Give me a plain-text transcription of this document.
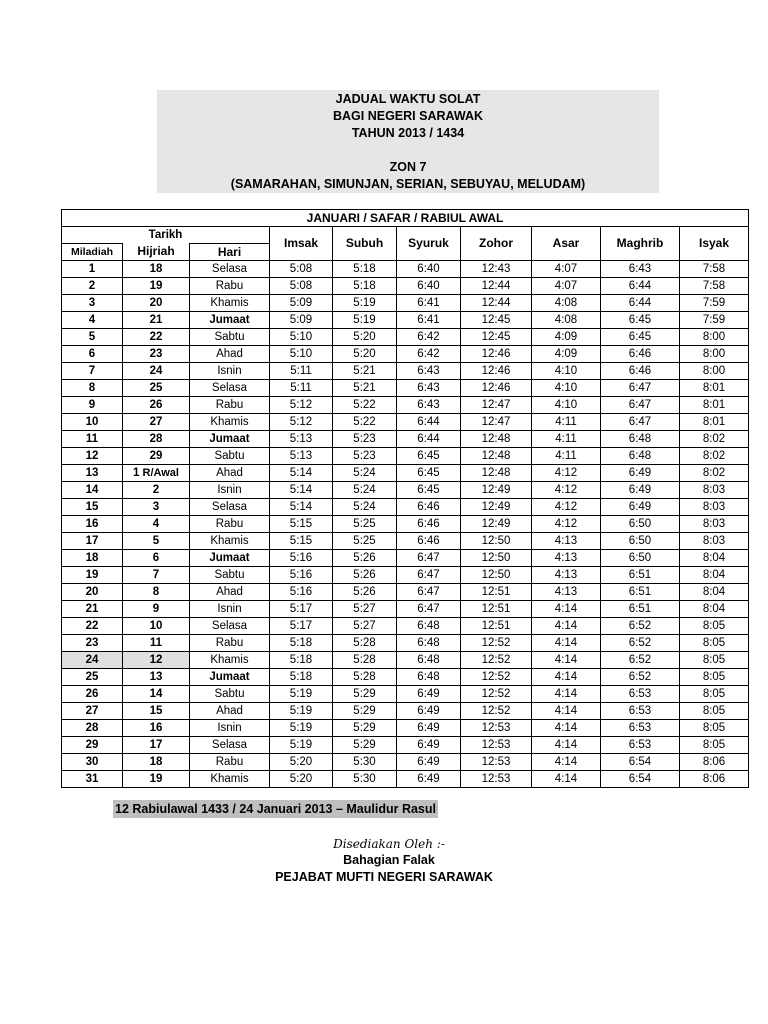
JADUAL WAKTU SOLAT
BAGI NEGERI SARAWAK
TAHUN 2013 / 1434
ZON 7
(SAMARAHAN, SIMUNJAN, SERIAN, SEBUYAU, MELUDAM)
JANUARI / SAFAR / RABIUL AWAL									
Tarikh			Imsak	Subuh	Syuruk	Zohor	Asar	Maghrib	Isyak
Miladiah	Hijriah	Hari							
1	18	Selasa	5:08	5:18	6:40	12:43	4:07	6:43	7:58
2	19	Rabu	5:08	5:18	6:40	12:44	4:07	6:44	7:58
3	20	Khamis	5:09	5:19	6:41	12:44	4:08	6:44	7:59
4	21	Jumaat	5:09	5:19	6:41	12:45	4:08	6:45	7:59
5	22	Sabtu	5:10	5:20	6:42	12:45	4:09	6:45	8:00
6	23	Ahad	5:10	5:20	6:42	12:46	4:09	6:46	8:00
7	24	Isnin	5:11	5:21	6:43	12:46	4:10	6:46	8:00
8	25	Selasa	5:11	5:21	6:43	12:46	4:10	6:47	8:01
9	26	Rabu	5:12	5:22	6:43	12:47	4:10	6:47	8:01
10	27	Khamis	5:12	5:22	6:44	12:47	4:11	6:47	8:01
11	28	Jumaat	5:13	5:23	6:44	12:48	4:11	6:48	8:02
12	29	Sabtu	5:13	5:23	6:45	12:48	4:11	6:48	8:02
13	1 R/Awal	Ahad	5:14	5:24	6:45	12:48	4:12	6:49	8:02
14	2	Isnin	5:14	5:24	6:45	12:49	4:12	6:49	8:03
15	3	Selasa	5:14	5:24	6:46	12:49	4:12	6:49	8:03
16	4	Rabu	5:15	5:25	6:46	12:49	4:12	6:50	8:03
17	5	Khamis	5:15	5:25	6:46	12:50	4:13	6:50	8:03
18	6	Jumaat	5:16	5:26	6:47	12:50	4:13	6:50	8:04
19	7	Sabtu	5:16	5:26	6:47	12:50	4:13	6:51	8:04
20	8	Ahad	5:16	5:26	6:47	12:51	4:13	6:51	8:04
21	9	Isnin	5:17	5:27	6:47	12:51	4:14	6:51	8:04
22	10	Selasa	5:17	5:27	6:48	12:51	4:14	6:52	8:05
23	11	Rabu	5:18	5:28	6:48	12:52	4:14	6:52	8:05
24	12	Khamis	5:18	5:28	6:48	12:52	4:14	6:52	8:05
25	13	Jumaat	5:18	5:28	6:48	12:52	4:14	6:52	8:05
26	14	Sabtu	5:19	5:29	6:49	12:52	4:14	6:53	8:05
27	15	Ahad	5:19	5:29	6:49	12:52	4:14	6:53	8:05
28	16	Isnin	5:19	5:29	6:49	12:53	4:14	6:53	8:05
29	17	Selasa	5:19	5:29	6:49	12:53	4:14	6:53	8:05
30	18	Rabu	5:20	5:30	6:49	12:53	4:14	6:54	8:06
31	19	Khamis	5:20	5:30	6:49	12:53	4:14	6:54	8:06
12 Rabiulawal 1433 / 24 Januari 2013 – Maulidur Rasul
Disediakan Oleh :-
Bahagian Falak
PEJABAT MUFTI NEGERI SARAWAK
